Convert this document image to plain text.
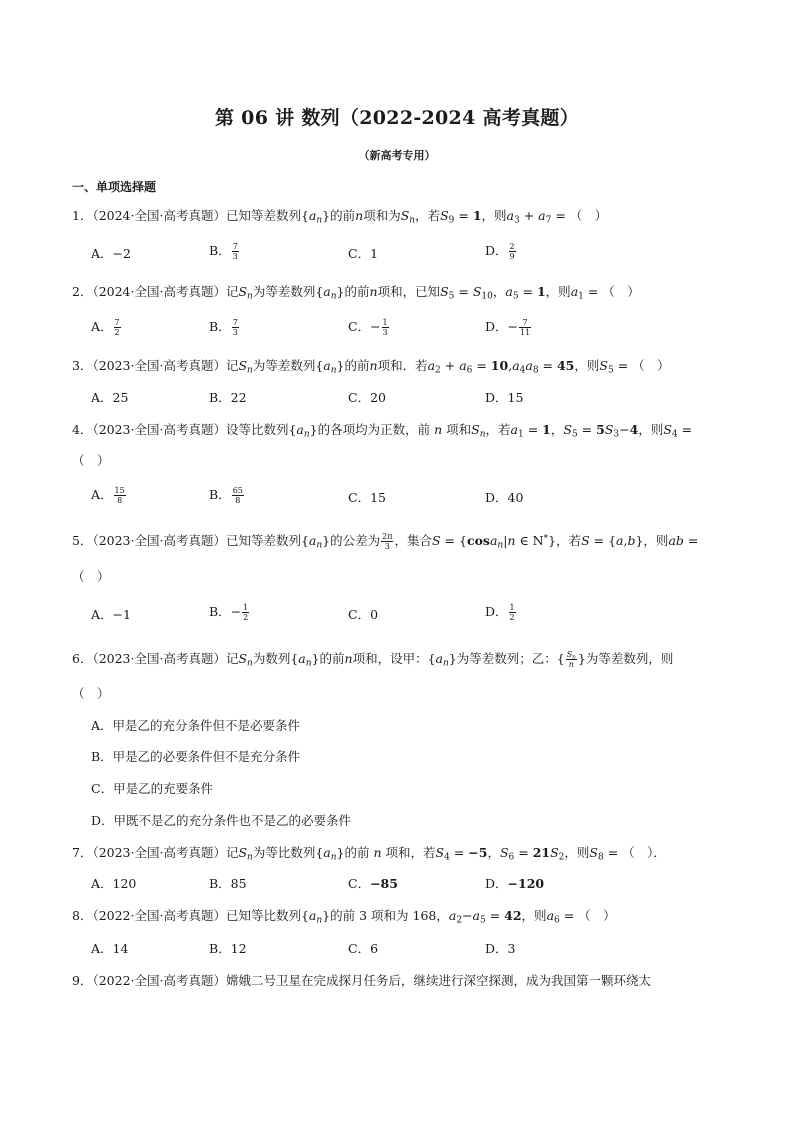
第 06 讲 数列（2022-2024 高考真题）
（新高考专用）
一、单项选择题
1．（2024·全国·高考真题）已知等差数列$\{a_n\}$的前n项和为$S_n$，若$S_9 = 1$，则$a_3 + a_7$ = （　）
A．−2	B． $\frac{7}{3}$	C．1	D． $\frac{2}{9}$
2．（2024·全国·高考真题）记$S_n$为等差数列$\{a_n\}$的前n项和，已知$S_5 = S_{10}$，$a_5 = 1$，则$a_1$ = （　）
A． $\frac{7}{2}$	B． $\frac{7}{3}$	C．− $\frac{1}{3}$	D．− $\frac{7}{11}$
3．（2023·全国·高考真题）记$S_n$为等差数列$\{a_n\}$的前n项和．若$a_2 + a_6 = 10,a_4a_8 = 45$，则$S_5$ = （　）
A．25	B．22	C．20	D．15
4．（2023·全国·高考真题）设等比数列$\{a_n\}$的各项均为正数，前 n 项和$S_n$，若$a_1 = 1$，$S_5 = 5S_3-4$，则$S_4$ =
（　）
A． $\frac{15}{8}$	B． $\frac{65}{8}$	C．15	D．40
5．（2023·全国·高考真题）已知等差数列$\{a_n\}$的公差为 $\frac{2\pi}{3}$ ，集合S = {cosa$_n$|n ∈ N*}，若S = {a,b}，则ab =
（　）
A．−1	B．− $\frac{1}{2}$	C．0	D． $\frac{1}{2}$
6．（2023·全国·高考真题）记$S_n$为数列$\{a_n\}$的前n项和，设甲：$\{a_n\}$为等差数列；乙：{ $\frac{S_n}{n}$ }为等差数列，则
（　）
A．甲是乙的充分条件但不是必要条件
B．甲是乙的必要条件但不是充分条件
C．甲是乙的充要条件
D．甲既不是乙的充分条件也不是乙的必要条件
7．（2023·全国·高考真题）记$S_n$为等比数列$\{a_n\}$的前 n 项和，若$S_4 = -5$，$S_6 = 21S_2$，则$S_8$ = （　）．
A．120	B．85	C．−85	D．−120
8．（2022·全国·高考真题）已知等比数列$\{a_n\}$的前 3 项和为 168，$a_2-a_5 = 42$，则$a_6$ = （　）
A．14	B．12	C．6	D．3
9．（2022·全国·高考真题）嫦娥二号卫星在完成探月任务后，继续进行深空探测，成为我国第一颗环绕太
